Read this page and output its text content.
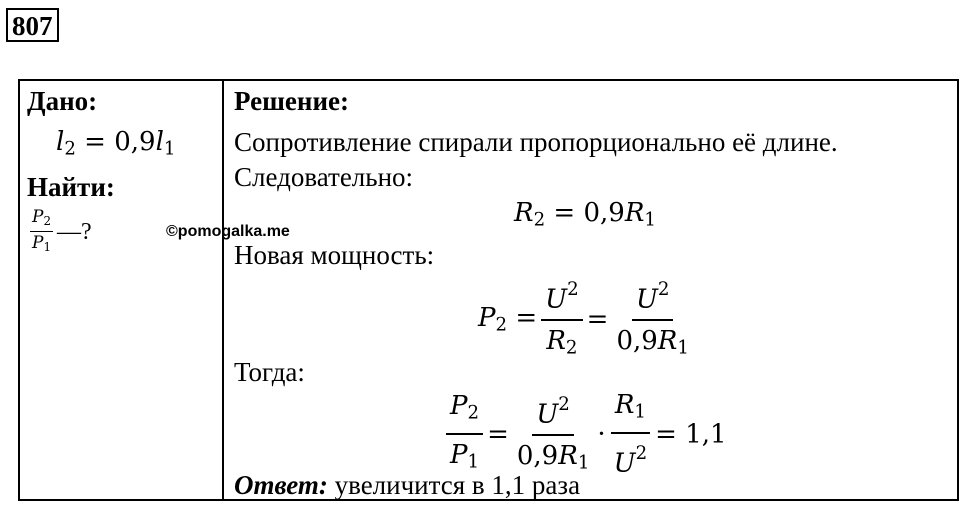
807
Дано:
$l_2 = 0,9l_1$
Найти:
$\frac{P_2}{P_1}$ —?	©pomogalka.me
Решение:
Сопротивление спирали пропорционально её длине.
Следовательно:
$R_2 = 0,9R_1$
Новая мощность:
$P_2 = \frac{U^2}{R_2} = \frac{U^2}{0,9R_1}$
Тогда:
$\frac{P_2}{P_1} = \frac{U^2}{0,9R_1} \cdot \frac{R_1}{U^2} = 1,1$
Ответ: увеличится в 1,1 раза
